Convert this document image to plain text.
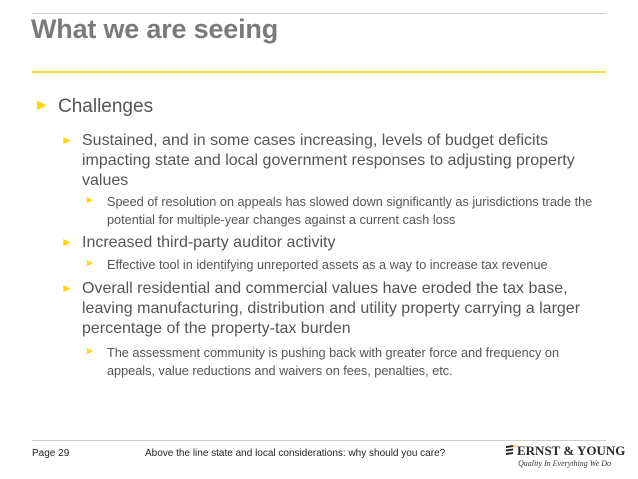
What we are seeing
► Challenges
► Sustained, and in some cases increasing, levels of budget deficits impacting state and local government responses to adjusting property values
► Speed of resolution on appeals has slowed down significantly as jurisdictions trade the potential for multiple-year changes against a current cash loss
► Increased third-party auditor activity
► Effective tool in identifying unreported assets as a way to increase tax revenue
► Overall residential and commercial values have eroded the tax base, leaving manufacturing, distribution and utility property carrying a larger percentage of the property-tax burden
► The assessment community is pushing back with greater force and frequency on appeals, value reductions and waivers on fees, penalties, etc.
Page 29	Above the line state and local considerations: why should you care?	ERNST & YOUNG
Quality In Everything We Do
